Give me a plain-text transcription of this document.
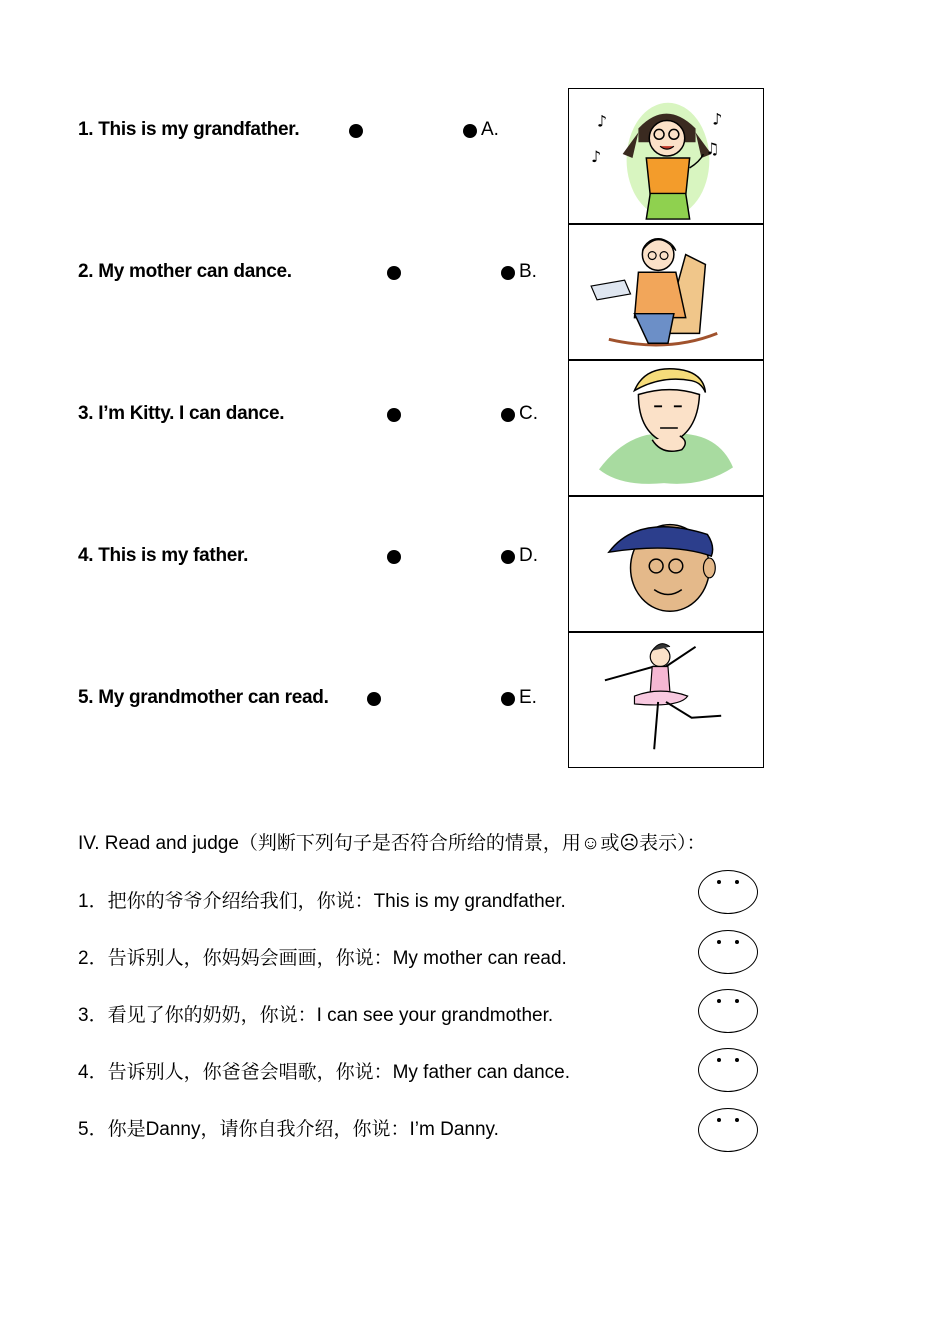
1. This is my grandfather.
2. My mother can dance.
3. I’m Kitty. I can dance.
4. This is my father.
5. My grandmother can read.
A.
B.
C.
D.
E.
♪	♪
♫
♪
IV. Read and judge（判断下列句子是否符合所给的情景，用☺或☹表示）：
1．把你的爷爷介绍给我们，你说：This is my grandfather.
2．告诉别人，你妈妈会画画，你说：My mother can read.
3．看见了你的奶奶，你说：I can see your grandmother.
4．告诉别人，你爸爸会唱歌，你说：My father can dance.
5．你是Danny，请你自我介绍，你说：I’m Danny.
